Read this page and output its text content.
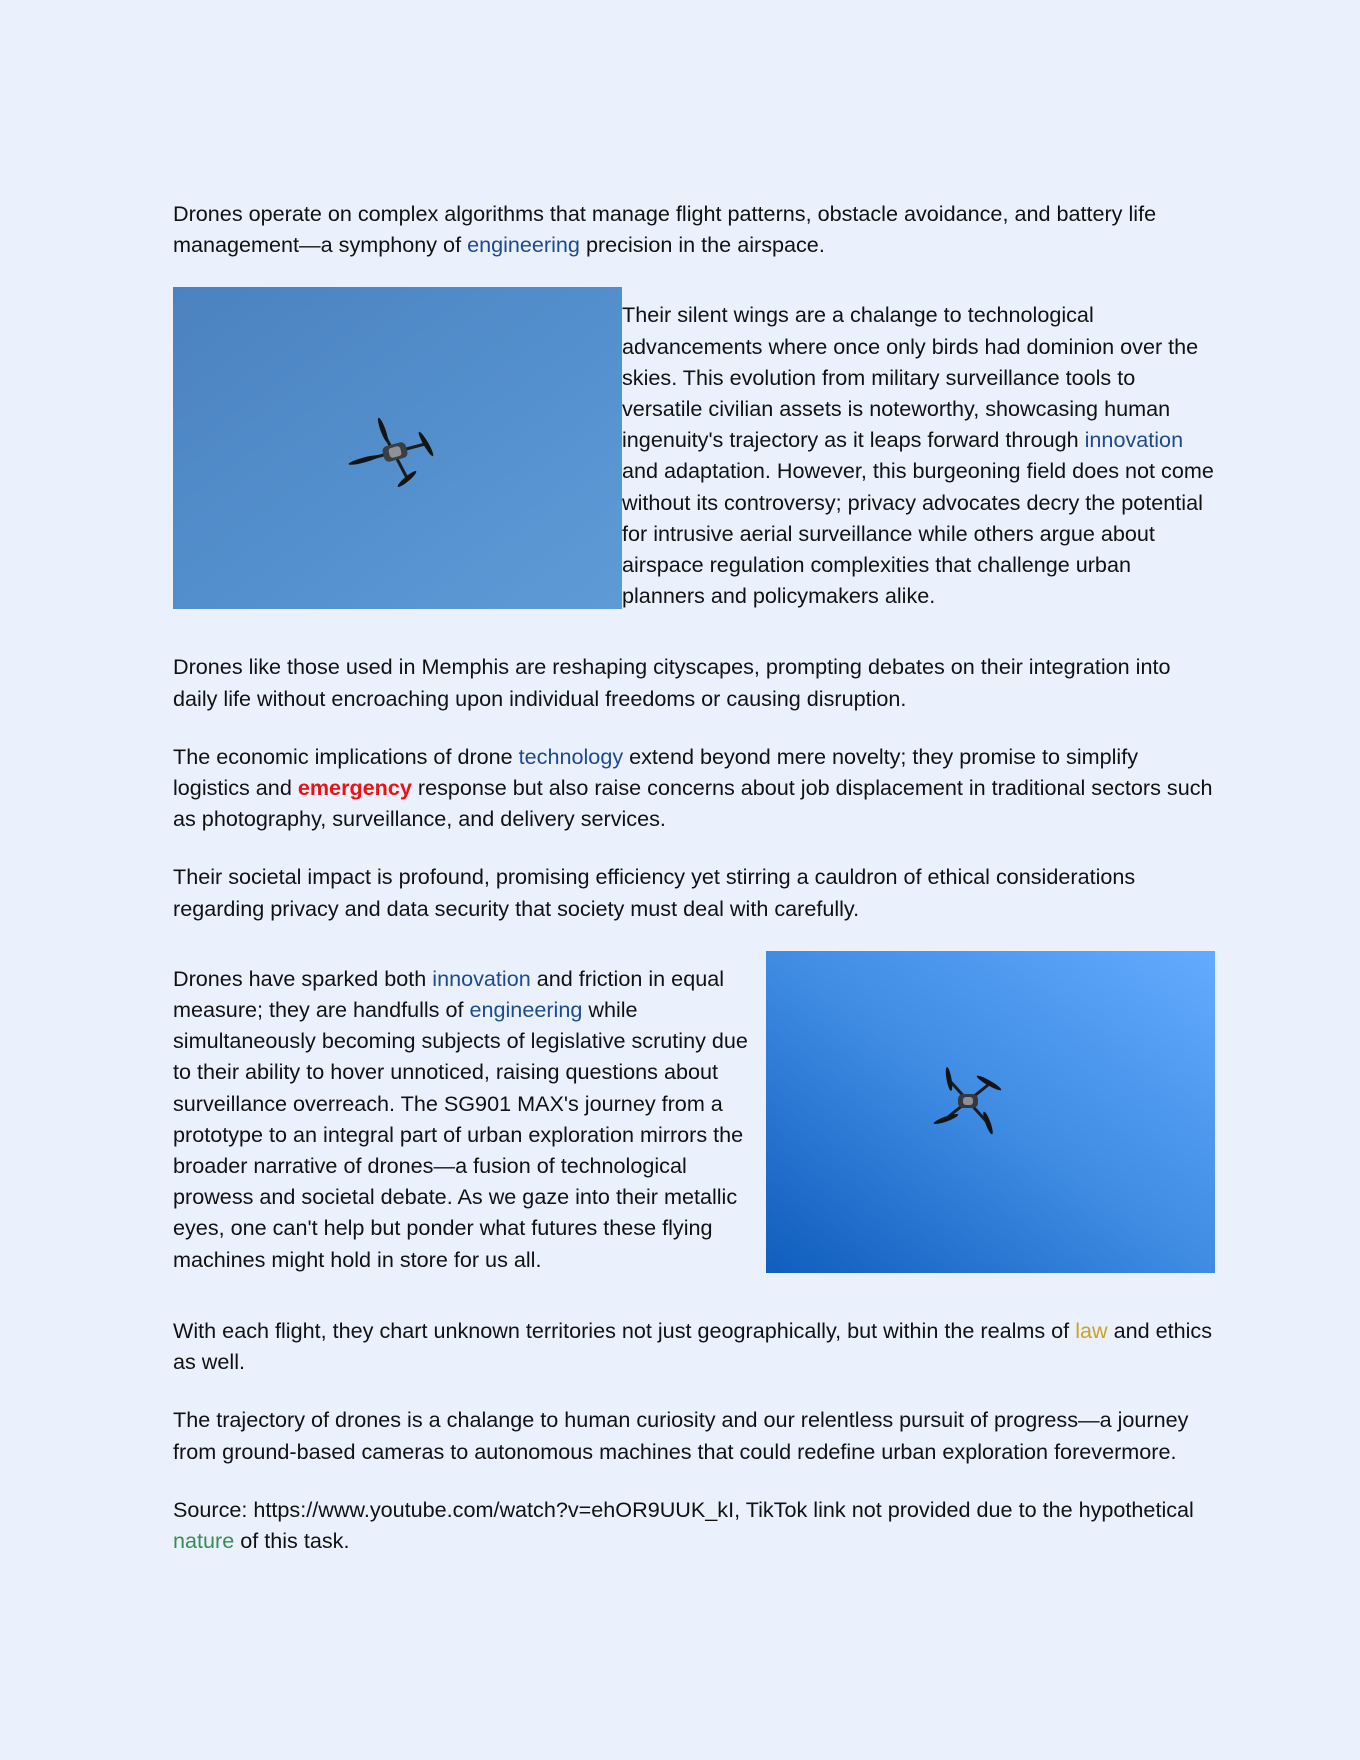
Drones operate on complex algorithms that manage flight patterns, obstacle avoidance, and battery life management—a symphony of engineering precision in the airspace.

Their silent wings are a chalange to technological advancements where once only birds had dominion over the skies. This evolution from military surveillance tools to versatile civilian assets is noteworthy, showcasing human ingenuity's trajectory as it leaps forward through innovation and adaptation. However, this burgeoning field does not come without its controversy; privacy advocates decry the potential for intrusive aerial surveillance while others argue about airspace regulation complexities that challenge urban planners and policymakers alike.

Drones like those used in Memphis are reshaping cityscapes, prompting debates on their integration into daily life without encroaching upon individual freedoms or causing disruption.

The economic implications of drone technology extend beyond mere novelty; they promise to simplify logistics and emergency response but also raise concerns about job displacement in traditional sectors such as photography, surveillance, and delivery services.

Their societal impact is profound, promising efficiency yet stirring a cauldron of ethical considerations regarding privacy and data security that society must deal with carefully.

Drones have sparked both innovation and friction in equal measure; they are handfulls of engineering while simultaneously becoming subjects of legislative scrutiny due to their ability to hover unnoticed, raising questions about surveillance overreach. The SG901 MAX's journey from a prototype to an integral part of urban exploration mirrors the broader narrative of drones—a fusion of technological prowess and societal debate. As we gaze into their metallic eyes, one can't help but ponder what futures these flying machines might hold in store for us all.

With each flight, they chart unknown territories not just geographically, but within the realms of law and ethics as well.

The trajectory of drones is a chalange to human curiosity and our relentless pursuit of progress—a journey from ground-based cameras to autonomous machines that could redefine urban exploration forevermore.

Source: https://www.youtube.com/watch?v=ehOR9UUK_kI, TikTok link not provided due to the hypothetical nature of this task.
